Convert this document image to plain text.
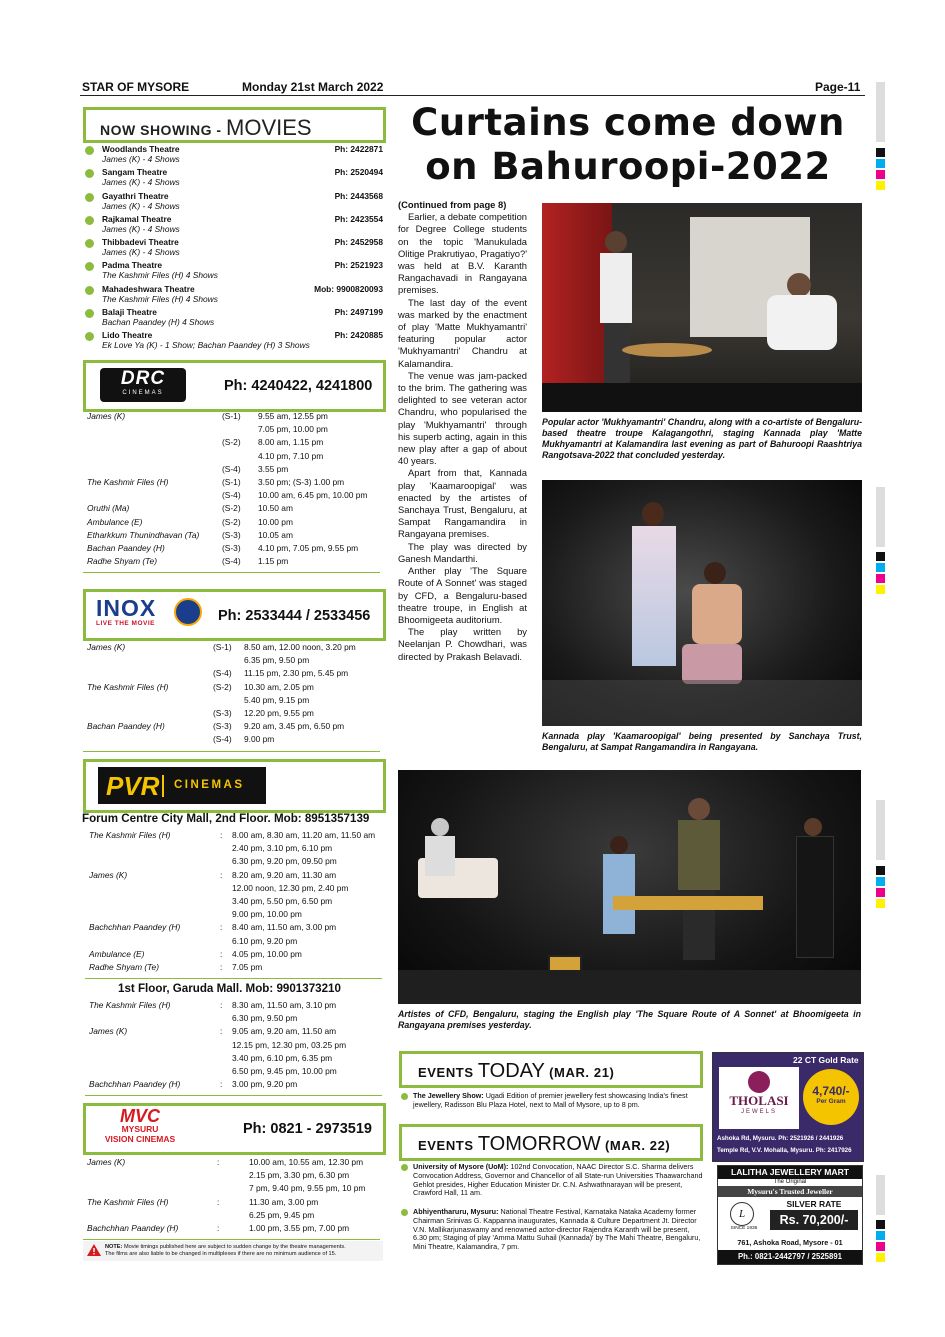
STAR OF MYSORE	Monday 21st March 2022	Page-11
NOW SHOWING - MOVIES
Woodlands Theatre	Ph: 2422871
James (K) - 4 Shows
Sangam Theatre	Ph: 2520494
James (K) - 4 Shows
Gayathri Theatre	Ph: 2443568
James (K) - 4 Shows
Rajkamal Theatre	Ph: 2423554
James (K) - 4 Shows
Thibbadevi Theatre	Ph: 2452958
James (K) - 4 Shows
Padma Theatre	Ph: 2521923
The Kashmir Files (H) 4 Shows
Mahadeshwara Theatre	Mob: 9900820093
The Kashmir Files (H) 4 Shows
Balaji Theatre	Ph: 2497199
Bachan Paandey (H) 4 Shows
Lido Theatre	Ph: 2420885
Ek Love Ya (K) - 1 Show; Bachan Paandey (H) 3 Shows
DRC
CINEMAS	Ph: 4240422, 4241800
James (K)	(S-1) 9.55 am, 12.55 pm
7.05 pm, 10.00 pm
(S-2) 8.00 am, 1.15 pm
4.10 pm, 7.10 pm
(S-4) 3.55 pm
The Kashmir Files (H)	(S-1) 3.50 pm; (S-3) 1.00 pm
(S-4) 10.00 am, 6.45 pm, 10.00 pm
Oruthi (Ma)	(S-2) 10.50 am
Ambulance (E)	(S-2) 10.00 pm
Etharkkum Thunindhavan (Ta)	(S-3) 10.05 am
Bachan Paandey (H)	(S-3) 4.10 pm, 7.05 pm, 9.55 pm
Radhe Shyam (Te)	(S-4) 1.15 pm
INOX
LIVE THE MOVIE	Ph: 2533444 / 2533456
James (K)	(S-1) 8.50 am, 12.00 noon, 3.20 pm
6.35 pm, 9.50 pm
(S-4) 11.15 pm, 2.30 pm, 5.45 pm
The Kashmir Files (H)	(S-2) 10.30 am, 2.05 pm
5.40 pm, 9.15 pm
(S-3) 12.20 pm, 9.55 pm
Bachan Paandey (H)	(S-3) 9.20 am, 3.45 pm, 6.50 pm
(S-4) 9.00 pm
PVR CINEMAS
Forum Centre City Mall, 2nd Floor. Mob: 8951357139
The Kashmir Files (H)	: 8.00 am, 8.30 am, 11.20 am, 11.50 am
2.40 pm, 3.10 pm, 6.10 pm
6.30 pm, 9.20 pm, 09.50 pm
James (K)	: 8.20 am, 9.20 am, 11.30 am
12.00 noon, 12.30 pm, 2.40 pm
3.40 pm, 5.50 pm, 6.50 pm
9.00 pm, 10.00 pm
Bachchhan Paandey (H)	: 8.40 am, 11.50 am, 3.00 pm
6.10 pm, 9.20 pm
Ambulance (E)	: 4.05 pm, 10.00 pm
Radhe Shyam (Te)	: 7.05 pm
1st Floor, Garuda Mall. Mob: 9901373210
The Kashmir Files (H)	: 8.30 am, 11.50 am, 3.10 pm
6.30 pm, 9.50 pm
James (K)	: 9.05 am, 9.20 am, 11.50 am
12.15 pm, 12.30 pm, 03.25 pm
3.40 pm, 6.10 pm, 6.35 pm
6.50 pm, 9.45 pm, 10.00 pm
Bachchhan Paandey (H)	: 3.00 pm, 9.20 pm
MVC
MYSURU
VISION CINEMAS
Ph: 0821 - 2973519
James (K)	:	10.00 am, 10.55 am, 12.30 pm
2.15 pm, 3.30 pm, 6.30 pm
7 pm, 9.40 pm, 9.55 pm, 10 pm
The Kashmir Files (H)	:	11.30 am, 3.00 pm
6.25 pm, 9.45 pm
Bachchhan Paandey (H)	:	1.00 pm, 3.55 pm, 7.00 pm
NOTE: Movie timings published here are subject to sudden change by the theatre managements.
The films are also liable to be changed in multiplexes if there are no minimum audience of 15.
Curtains come down
on Bahuroopi-2022

(Continued from page 8)

Earlier, a debate competition for Degree College students on the topic 'Manukulada Olitige Prakrutiyao, Pragatiyo?' was held at B.V. Karanth Rangachavadi in Rangayana premises.

The last day of the event was marked by the enactment of play 'Matte Mukhyamantri' featuring popular actor 'Mukhyamantri' Chandru at Kalamandira.

The venue was jam-packed to the brim. The gathering was delighted to see veteran actor Chandru, who popularised the play 'Mukhyamantri' through his superb acting, again in this new play after a gap of about 40 years.

Apart from that, Kannada play 'Kaamaroopigal' was enacted by the artistes of Sanchaya Trust, Bengaluru, at Sampat Rangamandira in Rangayana premises.

The play was directed by Ganesh Mandarthi.

Anther play 'The Square Route of A Sonnet' was staged by CFD, a Bengaluru-based theatre troupe, in English at Bhoomigeeta auditorium.

The play written by Neelanjan P. Chowdhari, was directed by Prakash Belavadi.

Popular actor 'Mukhyamantri' Chandru, along with a co-artiste of Bengaluru-based theatre troupe Kalagangothri, staging Kannada play 'Matte Mukhyamantri at Kalamandira last evening as part of Bahuroopi Raashtriya Rangotsava-2022 that concluded yesterday.
Kannada play 'Kaamaroopigal' being presented by Sanchaya Trust, Bengaluru, at Sampat Rangamandira in Rangayana.
Artistes of CFD, Bengaluru, staging the English play 'The Square Route of A Sonnet' at Bhoomigeeta in Rangayana premises yesterday.
EVENTS TODAY (MAR. 21)
The Jewellery Show: Ugadi Edition of premier jewellery fest showcasing India's finest jewellery, Radisson Blu Plaza Hotel, next to Mall of Mysore, up to 8 pm.
EVENTS TOMORROW (MAR. 22)
University of Mysore (UoM): 102nd Convocation, NAAC Director S.C. Sharma delivers Convocation Address, Governor and Chancellor of all State-run Universities Thaawarchand Gehlot presides, Higher Education Minister Dr. C.N. Ashwathnarayan will be present, Crawford Hall, 11 am.
Abhiyentharuru, Mysuru: National Theatre Festival, Karnataka Nataka Academy former Chairman Srinivas G. Kappanna inaugurates, Kannada & Culture Department Jt. Director V.N. Mallikarjunaswamy and renowned actor-director Rajendra Karanth will be present, 6.30 pm; Staging of play 'Amma Mattu Suhail (Kannada)' by The Mahi Theatre, Bengaluru, Mini Theatre, Kalamandira, 7 pm.
22 CT Gold Rate
THOLASI
JEWELS
4,740/-
Per Gram
Ashoka Rd, Mysuru. Ph: 2521926 / 2441926
Temple Rd, V.V. Mohalla, Mysuru. Ph: 2417926
LALITHA JEWELLERY MART
The Original
Mysuru's Trusted Jeweller
L
SINCE 1936
SILVER RATE
Rs. 70,200/-
761, Ashoka Road, Mysore - 01
Ph.: 0821-2442797 / 2525891
